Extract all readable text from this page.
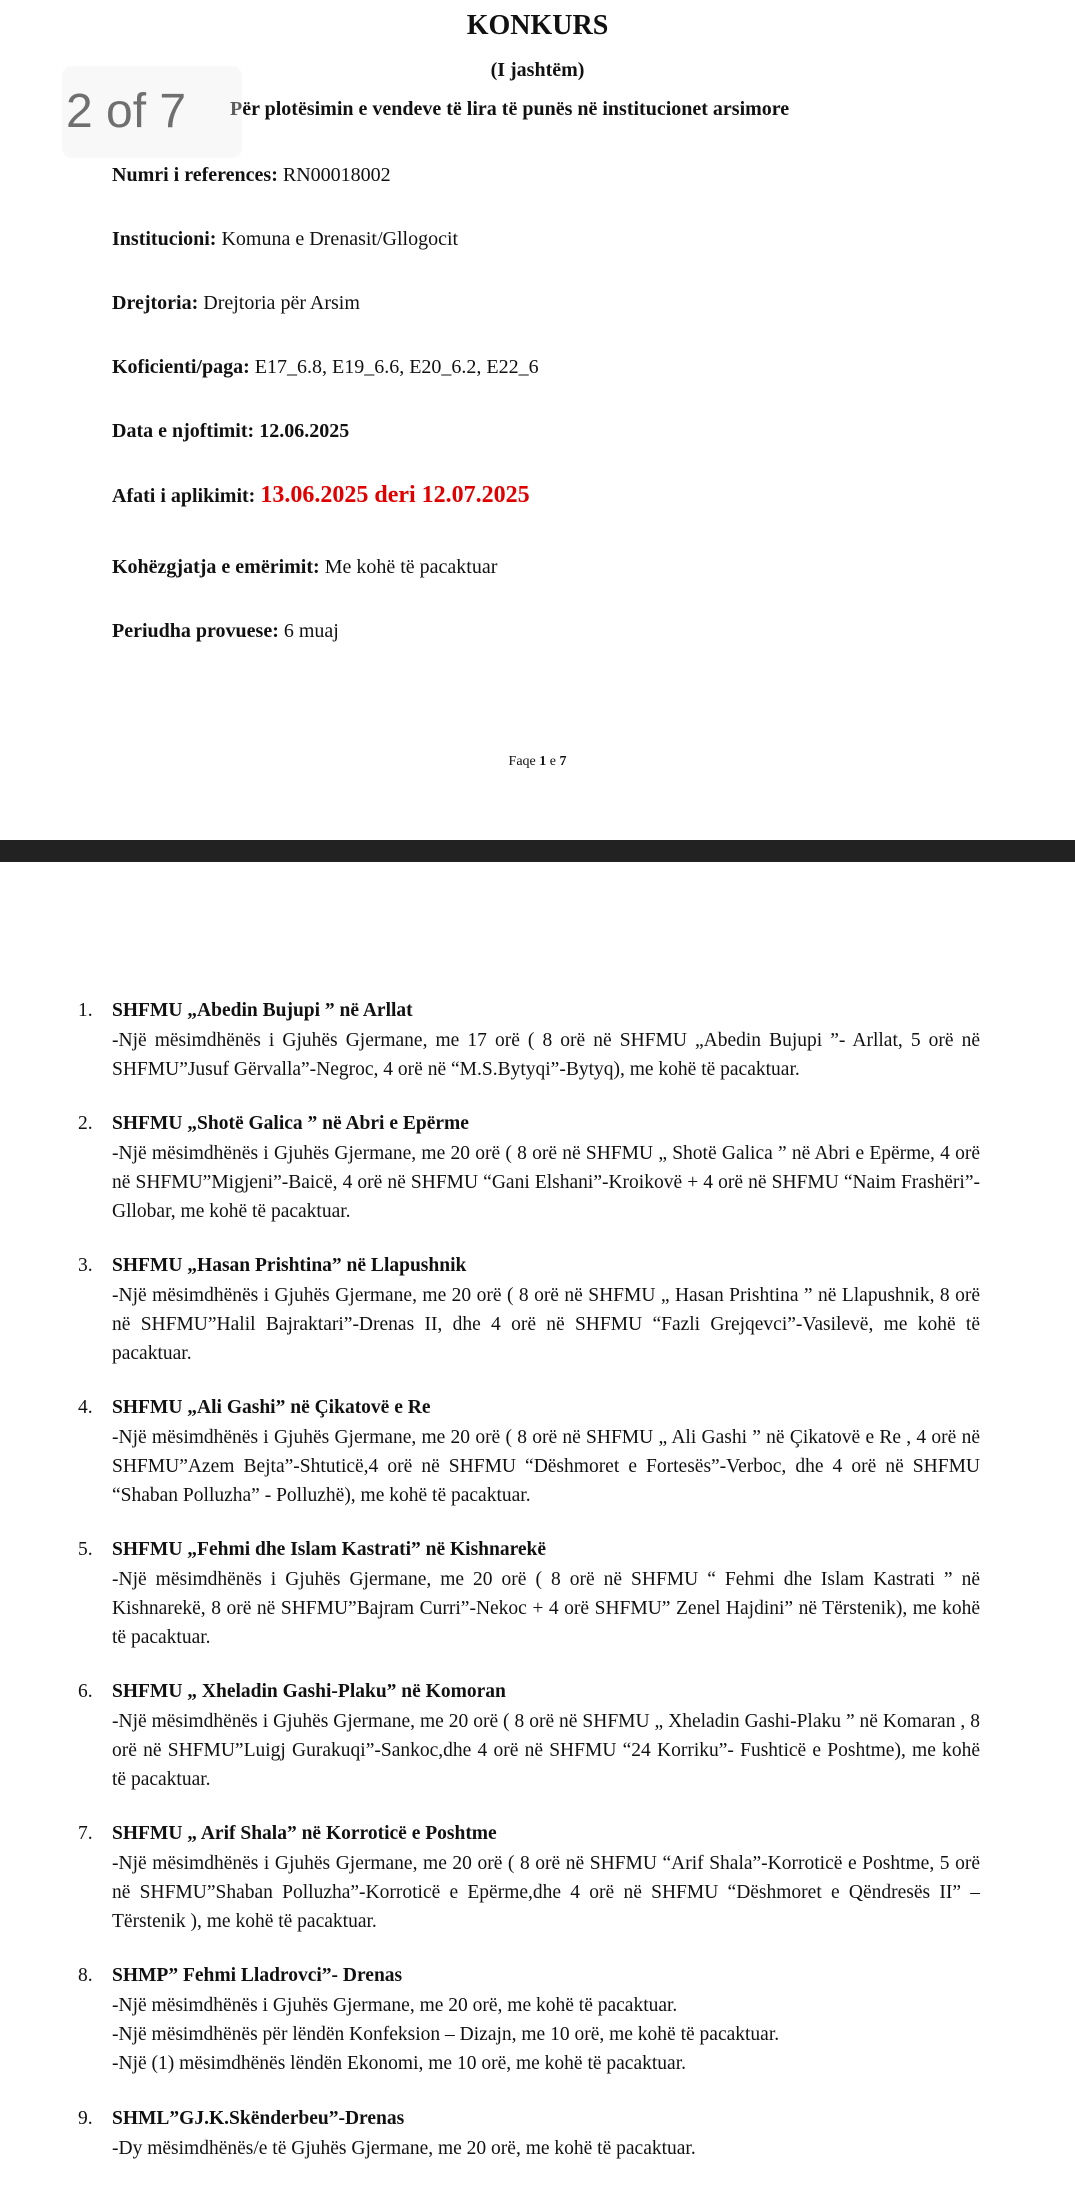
2 of 7
KONKURS
(I jashtëm)
Për plotësimin e vendeve të lira të punës në institucionet arsimore
Numri i references: RN00018002
Institucioni: Komuna e Drenasit/Gllogocit
Drejtoria: Drejtoria për Arsim
Koficienti/paga: E17_6.8, E19_6.6, E20_6.2, E22_6
Data e njoftimit: 12.06.2025
Afati i aplikimit: 13.06.2025 deri 12.07.2025
Kohëzgjatja e emërimit: Me kohë të pacaktuar
Periudha provuese: 6 muaj
Faqe 1 e 7
1. SHFMU „Abedin Bujupi ” në Arllat

-Një mësimdhënës i Gjuhës Gjermane, me 17 orë ( 8 orë në SHFMU „Abedin Bujupi ”- Arllat, 5 orë në SHFMU”Jusuf Gërvalla”-Negroc, 4 orë në “M.S.Bytyqi”-Bytyq), me kohë të pacaktuar.

2. SHFMU „Shotë Galica ” në Abri e Epërme

-Një mësimdhënës i Gjuhës Gjermane, me 20 orë ( 8 orë në SHFMU „ Shotë Galica ” në Abri e Epërme, 4 orë në SHFMU”Migjeni”-Baicë, 4 orë në SHFMU “Gani Elshani”-Kroikovë + 4 orë në SHFMU “Naim Frashëri”- Gllobar, me kohë të pacaktuar.

3. SHFMU „Hasan Prishtina” në Llapushnik

-Një mësimdhënës i Gjuhës Gjermane, me 20 orë ( 8 orë në SHFMU „ Hasan Prishtina ” në Llapushnik, 8 orë në SHFMU”Halil Bajraktari”-Drenas II, dhe 4 orë në SHFMU “Fazli Grejqevci”-Vasilevë, me kohë të pacaktuar.

4. SHFMU „Ali Gashi” në Çikatovë e Re

-Një mësimdhënës i Gjuhës Gjermane, me 20 orë ( 8 orë në SHFMU „ Ali Gashi ” në Çikatovë e Re , 4 orë në SHFMU”Azem Bejta”-Shtuticë,4 orë në SHFMU “Dëshmoret e Fortesës”-Verboc, dhe 4 orë në SHFMU “Shaban Polluzha” - Polluzhë), me kohë të pacaktuar.

5. SHFMU „Fehmi dhe Islam Kastrati” në Kishnarekë

-Një mësimdhënës i Gjuhës Gjermane, me 20 orë ( 8 orë në SHFMU “ Fehmi dhe Islam Kastrati ” në Kishnarekë, 8 orë në SHFMU”Bajram Curri”-Nekoc + 4 orë SHFMU” Zenel Hajdini” në Tërstenik), me kohë të pacaktuar.

6. SHFMU „ Xheladin Gashi-Plaku” në Komoran

-Një mësimdhënës i Gjuhës Gjermane, me 20 orë ( 8 orë në SHFMU „ Xheladin Gashi-Plaku ” në Komaran , 8 orë në SHFMU”Luigj Gurakuqi”-Sankoc,dhe 4 orë në SHFMU “24 Korriku”- Fushticë e Poshtme), me kohë të pacaktuar.

7. SHFMU „ Arif Shala” në Korroticë e Poshtme

-Një mësimdhënës i Gjuhës Gjermane, me 20 orë ( 8 orë në SHFMU “Arif Shala”-Korroticë e Poshtme, 5 orë në SHFMU”Shaban Polluzha”-Korroticë e Epërme,dhe 4 orë në SHFMU “Dëshmoret e Qëndresës II” – Tërstenik ), me kohë të pacaktuar.

8. SHMP” Fehmi Lladrovci”- Drenas

-Një mësimdhënës i Gjuhës Gjermane, me 20 orë, me kohë të pacaktuar.

-Një mësimdhënës për lëndën Konfeksion – Dizajn, me 10 orë, me kohë të pacaktuar.

-Një (1) mësimdhënës lëndën Ekonomi, me 10 orë, me kohë të pacaktuar.

9. SHML”GJ.K.Skënderbeu”-Drenas

-Dy mësimdhënës/e të Gjuhës Gjermane, me 20 orë, me kohë të pacaktuar.
